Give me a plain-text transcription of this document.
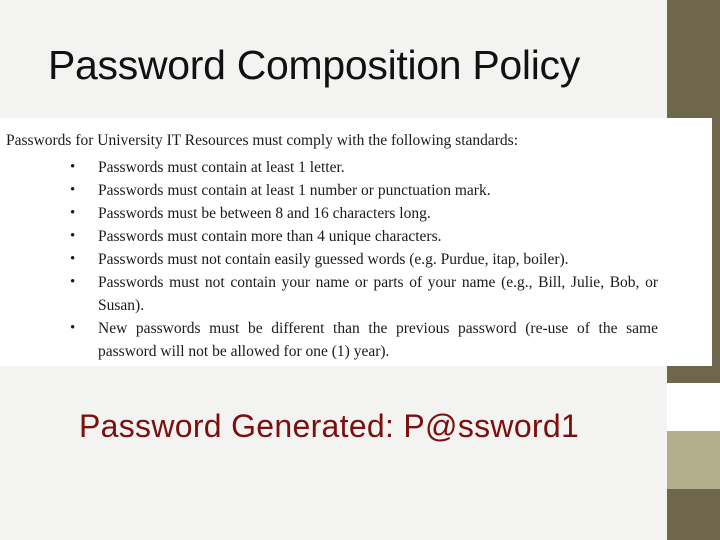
Password Composition Policy
Passwords for University IT Resources must comply with the following standards:
• Passwords must contain at least 1 letter.
• Passwords must contain at least 1 number or punctuation mark.
• Passwords must be between 8 and 16 characters long.
• Passwords must contain more than 4 unique characters.
• Passwords must not contain easily guessed words (e.g. Purdue, itap, boiler).
• Passwords must not contain your name or parts of your name (e.g., Bill, Julie, Bob, or Susan).
• New passwords must be different than the previous password (re-use of the same password will not be allowed for one (1) year).
Password Generated: P@ssword1
